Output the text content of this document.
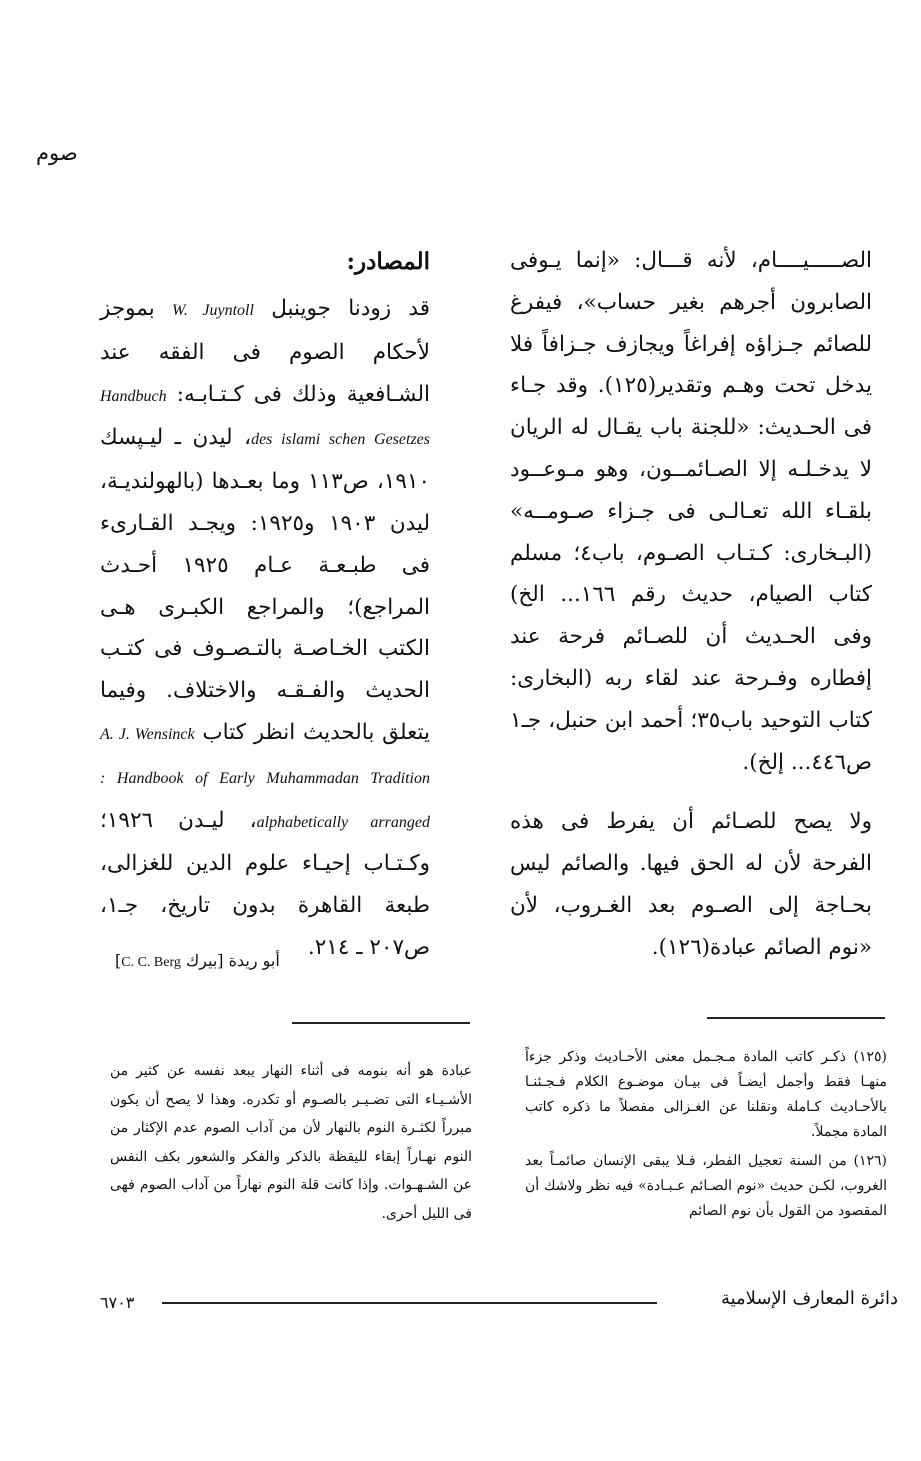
صوم

الصـــــيــــام، لأنه قـــال: «إنما يـوفى الصابرون أجرهم بغير حساب»، فيفرغ للصائم جـزاؤه إفراغاً ويجازف جـزافاً فلا يدخل تحت وهـم وتقدير(١٢٥). وقد جـاء فى الحـديث: «للجنة باب يقـال له الريان لا يدخـلـه إلا الصـائمــون، وهو مـوعــود بلقـاء الله تعـالـى فى جـزاء صـومــه» (البـخارى: كـتـاب الصـوم، باب٤؛ مسلم كتاب الصيام، حديث رقم ١٦٦... الخ) وفى الحـديث أن للصـائم فرحة عند إفطاره وفـرحة عند لقاء ربه (البخارى: كتاب التوحيد باب٣٥؛ أحمد ابن حنبل، جـ١ ص٤٤٦... إلخ).

ولا يصح للصـائم أن يفرط فى هذه الفرحة لأن له الحق فيها. والصائم ليس بحـاجة إلى الصـوم بعد الغـروب، لأن «نوم الصائم عبادة(١٢٦).

المصادر:

قد زودنا جوينبل W. Juyntoll بموجز لأحكام الصوم فى الفقه عند الشـافعية وذلك فى كـتـابـه: Handbuch des islami schen Gesetzes، ليدن ـ ليـپسك ١٩١٠، ص١١٣ وما بعـدها (بالهولنديـة، ليدن ١٩٠٣ و١٩٢٥: ويجـد القـارىء فى طبـعـة عـام ١٩٢٥ أحـدث المراجع)؛ والمراجع الكبـرى هـى الكتب الخـاصـة بالتـصـوف فى كتـب الحديث والفـقـه والاختلاف. وفيما يتعلق بالحديث انظر كتاب A. J. Wensinck : Handbook of Early Muhammadan Tradition alphabetically arranged، ليـدن ١٩٢٦؛ وكـتـاب إحيـاء علوم الدين للغزالى، طبعة القاهرة بدون تاريخ، جـ١، ص٢٠٧ ـ ٢١٤.

أبو ريدة [بيرك C. C. Berg]

(١٢٥) ذكـر كاتب المادة مـجـمل معنى الأحـاديث وذكر جزءاً منهـا فقط وأجمل أيضـاً فى بيـان موضـوع الكلام فـجـئنـا بالأحـاديث كـاملة ونقلنا عن الغـزالى مفصلاً ما ذكره كاتب المادة مجملاً.

(١٢٦) من السنة تعجيل الفطر، فـلا يبقى الإنسان صائمـاً بعد الغروب، لكـن حديث «نوم الصـائم عـبـادة» فيه نظر ولاشك أن المقصود من القول بأن نوم الصائم

عبادة هو أنه بنومه فى أثناء النهار يبعد نفسه عن كثير من الأشـيـاء التى تضـيـر بالصـوم أو تكدره. وهذا لا يصح أن يكون مبرراً لكثـرة النوم بالنهار لأن من آداب الصوم عدم الإكثار من النوم نهـاراً إبقاء لليقظة بالذكر والفكر والشعور بكف النفس عن الشـهـوات. وإذا كانت قلة النوم نهاراً من آداب الصوم فهى فى الليل أحرى.
دائرة المعارف الإسلامية
٦٧٠٣
